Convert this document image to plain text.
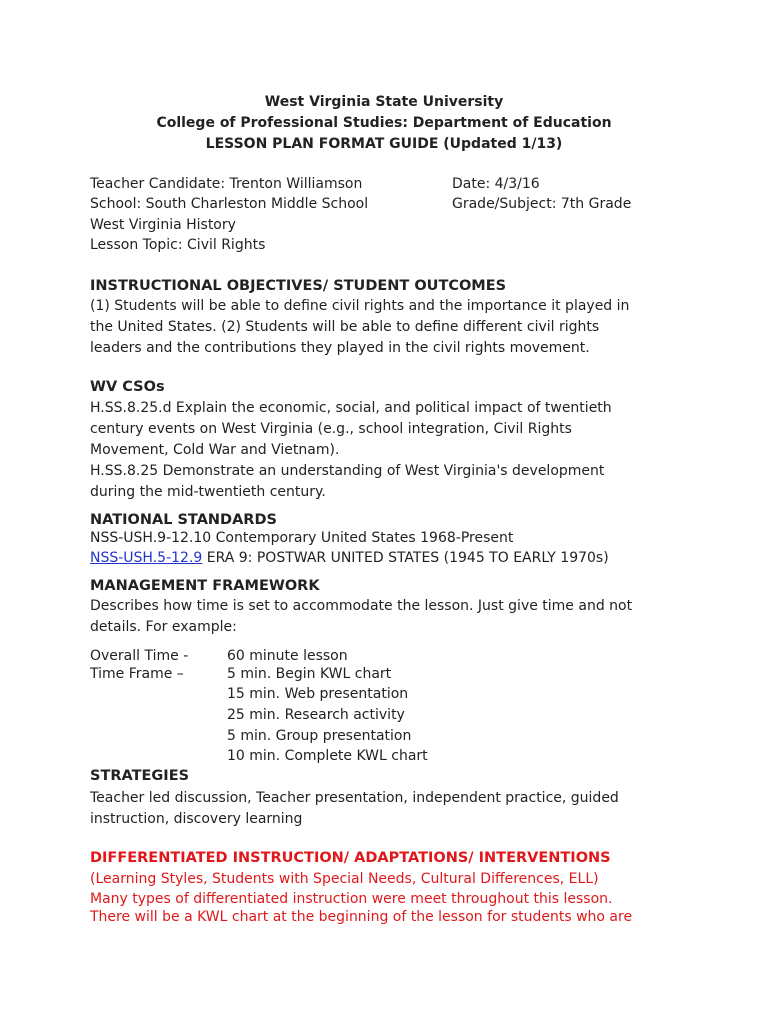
West Virginia State University
College of Professional Studies: Department of Education
LESSON PLAN FORMAT GUIDE (Updated 1/13)
Teacher Candidate: Trenton Williamson	Date: 4/3/16
School: South Charleston Middle School	Grade/Subject: 7th Grade
West Virginia History
Lesson Topic: Civil Rights
INSTRUCTIONAL OBJECTIVES/ STUDENT OUTCOMES
(1) Students will be able to define civil rights and the importance it played in
the United States. (2) Students will be able to define different civil rights
leaders and the contributions they played in the civil rights movement.
WV CSOs
H.SS.8.25.d Explain the economic, social, and political impact of twentieth
century events on West Virginia (e.g., school integration, Civil Rights
Movement, Cold War and Vietnam).
H.SS.8.25 Demonstrate an understanding of West Virginia's development
during the mid-twentieth century.
NATIONAL STANDARDS
NSS-USH.9-12.10 Contemporary United States 1968-Present
NSS-USH.5-12.9 ERA 9: POSTWAR UNITED STATES (1945 TO EARLY 1970s)
MANAGEMENT FRAMEWORK
Describes how time is set to accommodate the lesson. Just give time and not
details. For example:
Overall Time -	60 minute lesson
Time Frame –	5 min. Begin KWL chart
15 min. Web presentation
25 min. Research activity
5 min. Group presentation
10 min. Complete KWL chart
STRATEGIES
Teacher led discussion, Teacher presentation, independent practice, guided
instruction, discovery learning
DIFFERENTIATED INSTRUCTION/ ADAPTATIONS/ INTERVENTIONS
(Learning Styles, Students with Special Needs, Cultural Differences, ELL)
Many types of differentiated instruction were meet throughout this lesson.
There will be a KWL chart at the beginning of the lesson for students who are
